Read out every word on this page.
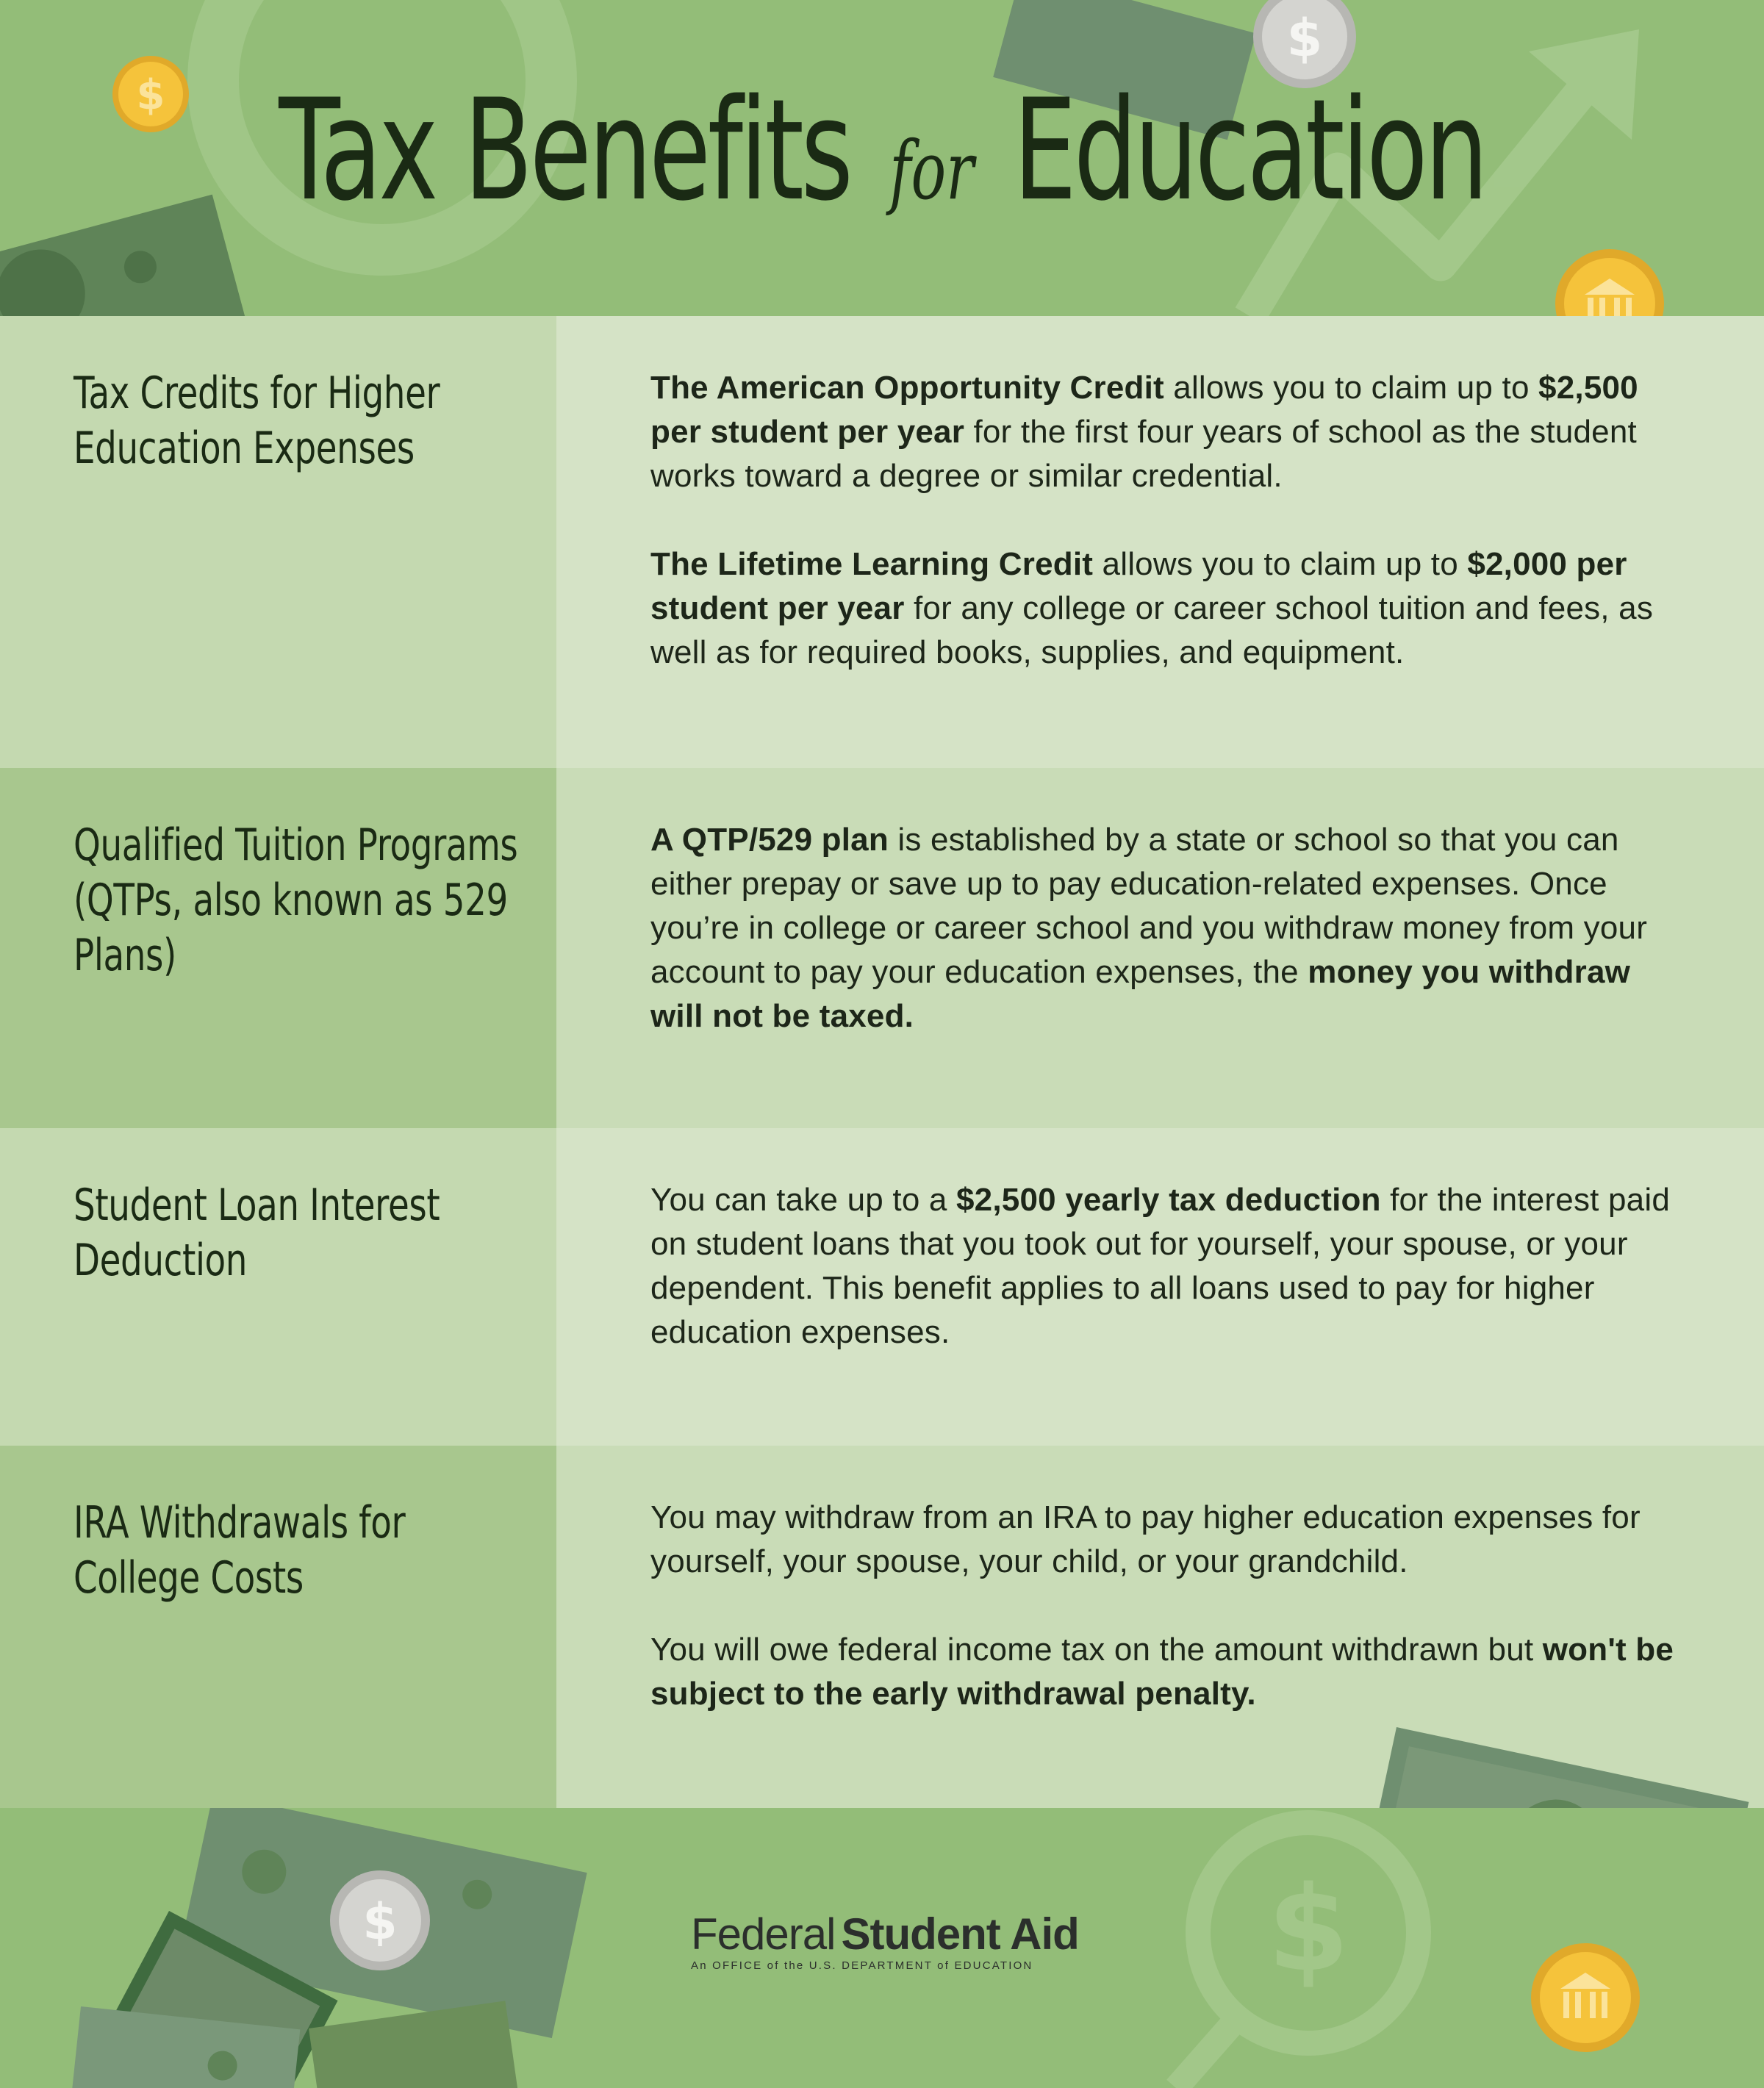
$
$
Tax Benefits for Education
Tax Credits for Higher Education Expenses

The American Opportunity Credit allows you to claim up to $2,500 per student per year for the first four years of school as the student works toward a degree or similar credential.

The Lifetime Learning Credit allows you to claim up to $2,000 per student per year for any college or career school tuition and fees, as well as for required books, supplies, and equipment.

Qualified Tuition Programs (QTPs, also known as 529 Plans)

A QTP/529 plan is established by a state or school so that you can either prepay or save up to pay education-related expenses. Once you’re in college or career school and you withdraw money from your account to pay your education expenses, the money you withdraw will not be taxed.

Student Loan Interest Deduction

You can take up to a $2,500 yearly tax deduction for the interest paid on student loans that you took out for yourself, your spouse, or your dependent. This benefit applies to all loans used to pay for higher education expenses.

IRA Withdrawals for College Costs

You may withdraw from an IRA to pay higher education expenses for yourself, your spouse, your child, or your grandchild.

You will owe federal income tax on the amount withdrawn but won't be subject to the early withdrawal penalty.

$
$	Federal Student Aid
An OFFICE of the U.S. DEPARTMENT of EDUCATION
